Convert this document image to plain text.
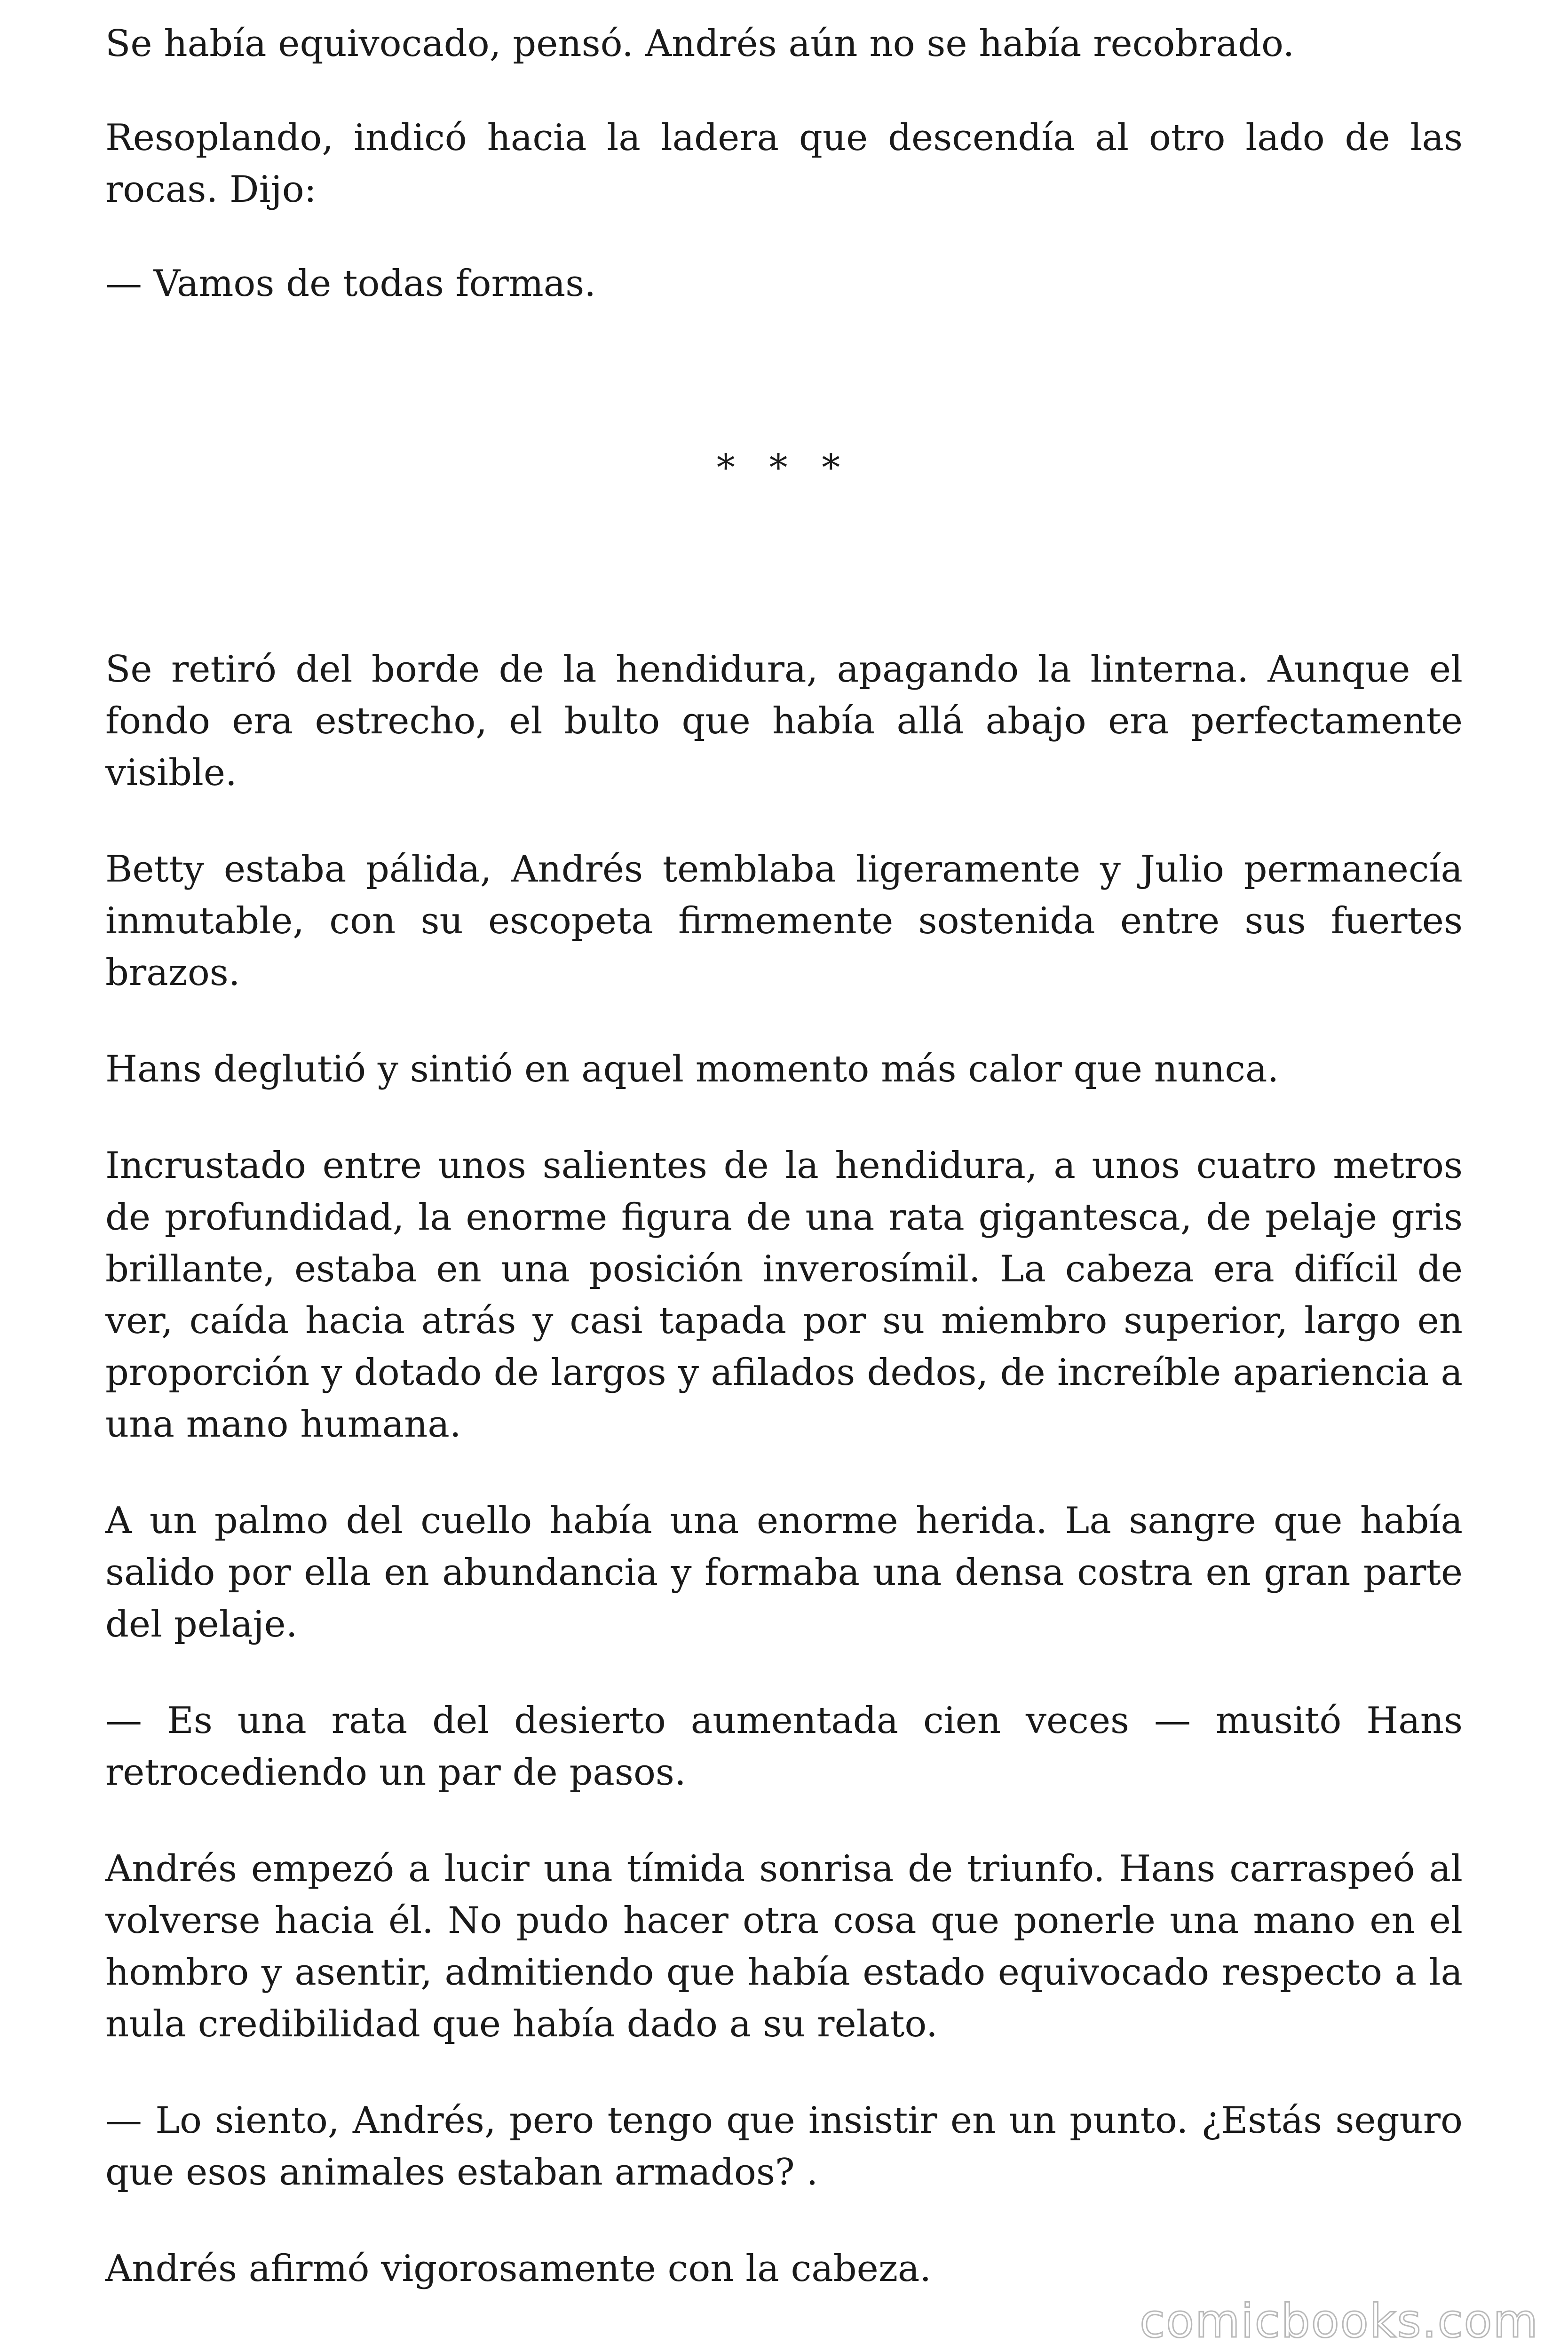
Se había equivocado, pensó. Andrés aún no se había recobrado.

Resoplando, indicó hacia la ladera que descendía al otro lado de las rocas. Dijo:

— Vamos de todas formas.

* * *

Se retiró del borde de la hendidura, apagando la linterna. Aunque el fondo era estrecho, el bulto que había allá abajo era perfectamente visible.

Betty estaba pálida, Andrés temblaba ligeramente y Julio permanecía inmutable, con su escopeta firmemente sostenida entre sus fuertes brazos.

Hans deglutió y sintió en aquel momento más calor que nunca.

Incrustado entre unos salientes de la hendidura, a unos cuatro metros de profundidad, la enorme figura de una rata gigantesca, de pelaje gris brillante, estaba en una posición inverosímil. La cabeza era difícil de ver, caída hacia atrás y casi tapada por su miembro superior, largo en proporción y dotado de largos y afilados dedos, de increíble apariencia a una mano humana.

A un palmo del cuello había una enorme herida. La sangre que había salido por ella en abundancia y formaba una densa costra en gran parte del pelaje.

— Es una rata del desierto aumentada cien veces — musitó Hans retrocediendo un par de pasos.

Andrés empezó a lucir una tímida sonrisa de triunfo. Hans carraspeó al volverse hacia él. No pudo hacer otra cosa que ponerle una mano en el hombro y asentir, admitiendo que había estado equivocado respecto a la nula credibilidad que había dado a su relato.

— Lo siento, Andrés, pero tengo que insistir en un punto. ¿Estás seguro que esos animales estaban armados? .

Andrés afirmó vigorosamente con la cabeza.

comicbooks.com
